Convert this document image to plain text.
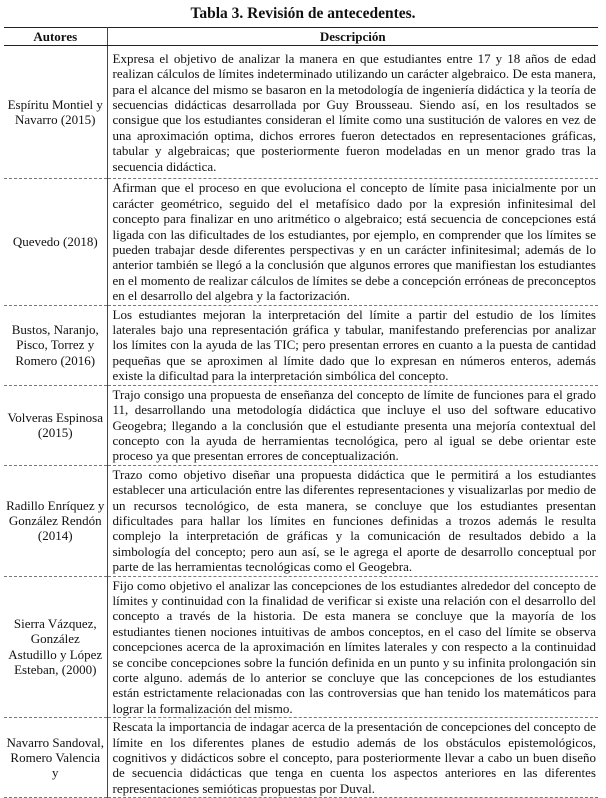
Tabla 3. Revisión de antecedentes.
Autores	Descripción
Espíritu Montiel y Navarro (2015)	Expresa el objetivo de analizar la manera en que estudiantes entre 17 y 18 años de edad realizan cálculos de límites indeterminado utilizando un carácter algebraico. De esta manera, para el alcance del mismo se basaron en la metodología de ingeniería didáctica y la teoría de secuencias didácticas desarrollada por Guy Brousseau. Siendo así, en los resultados se consigue que los estudiantes consideran el límite como una sustitución de valores en vez de una aproximación optima, dichos errores fueron detectados en representaciones gráficas, tabular y algebraicas; que posteriormente fueron modeladas en un menor grado tras la secuencia didáctica.
Quevedo (2018)	Afirman que el proceso en que evoluciona el concepto de límite pasa inicialmente por un carácter geométrico, seguido del el metafísico dado por la expresión infinitesimal del concepto para finalizar en uno aritmético o algebraico; está secuencia de concepciones está ligada con las dificultades de los estudiantes, por ejemplo, en comprender que los límites se pueden trabajar desde diferentes perspectivas y en un carácter infinitesimal; además de lo anterior también se llegó a la conclusión que algunos errores que manifiestan los estudiantes en el momento de realizar cálculos de límites se debe a concepción erróneas de preconceptos en el desarrollo del algebra y la factorización.
Bustos, Naranjo, Pisco, Torrez y Romero (2016)	Los estudiantes mejoran la interpretación del límite a partir del estudio de los límites laterales bajo una representación gráfica y tabular, manifestando preferencias por analizar los límites con la ayuda de las TIC; pero presentan errores en cuanto a la puesta de cantidad pequeñas que se aproximen al límite dado que lo expresan en números enteros, además existe la dificultad para la interpretación simbólica del concepto.
Volveras Espinosa (2015)	Trajo consigo una propuesta de enseñanza del concepto de límite de funciones para el grado 11, desarrollando una metodología didáctica que incluye el uso del software educativo Geogebra; llegando a la conclusión que el estudiante presenta una mejoría contextual del concepto con la ayuda de herramientas tecnológica, pero al igual se debe orientar este proceso ya que presentan errores de conceptualización.
Radillo Enríquez y González Rendón (2014)	Trazo como objetivo diseñar una propuesta didáctica que le permitirá a los estudiantes establecer una articulación entre las diferentes representaciones y visualizarlas por medio de un recursos tecnológico, de esta manera, se concluye que los estudiantes presentan dificultades para hallar los límites en funciones definidas a trozos además le resulta complejo la interpretación de gráficas y la comunicación de resultados debido a la simbología del concepto; pero aun así, se le agrega el aporte de desarrollo conceptual por parte de las herramientas tecnológicas como el Geogebra.
Sierra Vázquez, González Astudillo y López Esteban, (2000)	Fijo como objetivo el analizar las concepciones de los estudiantes alrededor del concepto de límites y continuidad con la finalidad de verificar si existe una relación con el desarrollo del concepto a través de la historia. De esta manera se concluye que la mayoría de los estudiantes tienen nociones intuitivas de ambos conceptos, en el caso del límite se observa concepciones acerca de la aproximación en límites laterales y con respecto a la continuidad se concibe concepciones sobre la función definida en un punto y su infinita prolongación sin corte alguno. además de lo anterior se concluye que las concepciones de los estudiantes están estrictamente relacionadas con las controversias que han tenido los matemáticos para lograr la formalización del mismo.
Navarro Sandoval, Romero Valencia y	Rescata la importancia de indagar acerca de la presentación de concepciones del concepto de límite en los diferentes planes de estudio además de los obstáculos epistemológicos, cognitivos y didácticos sobre el concepto, para posteriormente llevar a cabo un buen diseño de secuencia didácticas que tenga en cuenta los aspectos anteriores en las diferentes representaciones semióticas propuestas por Duval.
